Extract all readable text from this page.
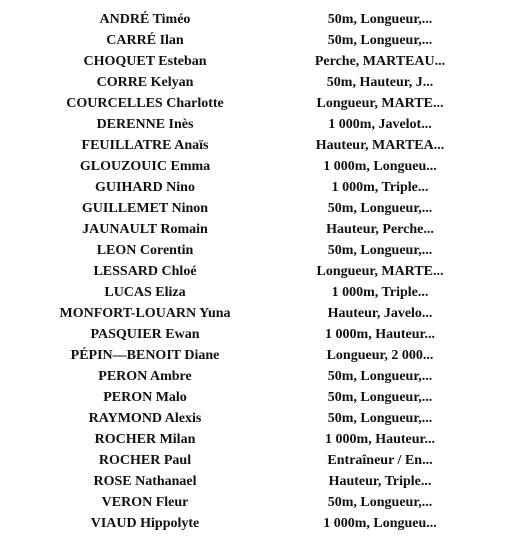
ANDRÉ Timéo	50m, Longueur,...
CARRÉ Ilan	50m, Longueur,...
CHOQUET Esteban	Perche, MARTEAU...
CORRE Kelyan	50m, Hauteur, J...
COURCELLES Charlotte	Longueur, MARTE...
DERENNE Inès	1 000m, Javelot...
FEUILLATRE Anaïs	Hauteur, MARTEA...
GLOUZOUIC Emma	1 000m, Longueu...
GUIHARD Nino	1 000m, Triple...
GUILLEMET Ninon	50m, Longueur,...
JAUNAULT Romain	Hauteur, Perche...
LEON Corentin	50m, Longueur,...
LESSARD Chloé	Longueur, MARTE...
LUCAS Eliza	1 000m, Triple...
MONFORT-LOUARN Yuna	Hauteur, Javelo...
PASQUIER Ewan	1 000m, Hauteur...
PÉPIN—BENOIT Diane	Longueur, 2 000...
PERON Ambre	50m, Longueur,...
PERON Malo	50m, Longueur,...
RAYMOND Alexis	50m, Longueur,...
ROCHER Milan	1 000m, Hauteur...
ROCHER Paul	Entraîneur / En...
ROSE Nathanael	Hauteur, Triple...
VERON Fleur	50m, Longueur,...
VIAUD Hippolyte	1 000m, Longueu...
